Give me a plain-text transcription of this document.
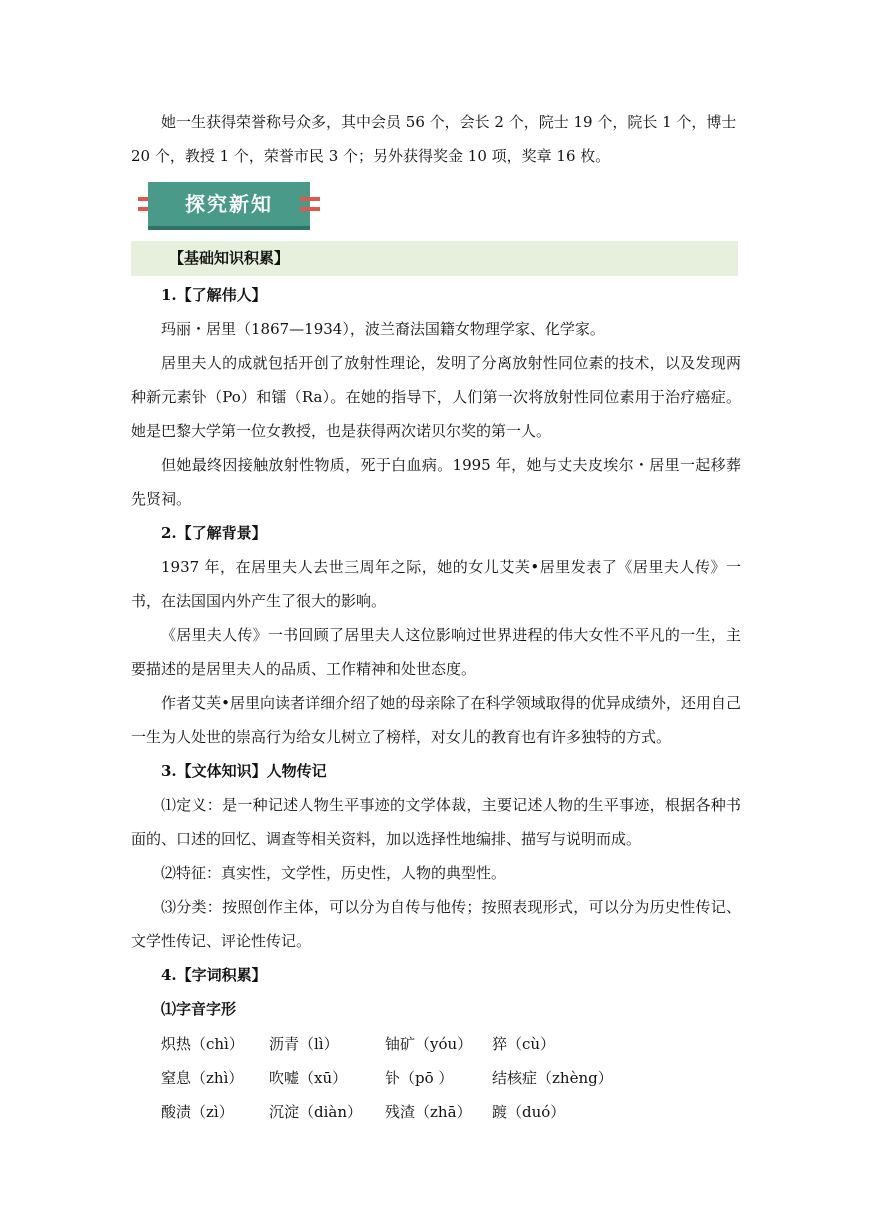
她一生获得荣誉称号众多，其中会员 56 个，会长 2 个，院士 19 个，院长 1 个，博士

20 个，教授 1 个，荣誉市民 3 个；另外获得奖金 10 项，奖章 16 枚。

探究新知
【基础知识积累】

1.【了解伟人】

玛丽・居里（1867—1934），波兰裔法国籍女物理学家、化学家。

居里夫人的成就包括开创了放射性理论，发明了分离放射性同位素的技术，以及发现两种新元素钋（Po）和镭（Ra）。在她的指导下，人们第一次将放射性同位素用于治疗癌症。她是巴黎大学第一位女教授，也是获得两次诺贝尔奖的第一人。

但她最终因接触放射性物质，死于白血病。1995 年，她与丈夫皮埃尔・居里一起移葬先贤祠。

2.【了解背景】

1937 年，在居里夫人去世三周年之际，她的女儿艾芙•居里发表了《居里夫人传》一书，在法国国内外产生了很大的影响。

《居里夫人传》一书回顾了居里夫人这位影响过世界进程的伟大女性不平凡的一生，主要描述的是居里夫人的品质、工作精神和处世态度。

作者艾芙•居里向读者详细介绍了她的母亲除了在科学领域取得的优异成绩外，还用自己一生为人处世的崇高行为给女儿树立了榜样，对女儿的教育也有许多独特的方式。

3.【文体知识】人物传记

⑴定义：是一种记述人物生平事迹的文学体裁，主要记述人物的生平事迹，根据各种书面的、口述的回忆、调查等相关资料，加以选择性地编排、描写与说明而成。

⑵特征：真实性，文学性，历史性，人物的典型性。

⑶分类：按照创作主体，可以分为自传与他传；按照表现形式，可以分为历史性传记、文学性传记、评论性传记。

4.【字词积累】

⑴字音字形

炽热（chì） 沥青（lì）	铀矿（yóu） 猝（cù）
窒息（zhì） 吹嘘（xū）	钋（pō ）	结核症（zhèng）
酸渍（zì） 沉淀（diàn） 残渣（zhā） 踱（duó）
